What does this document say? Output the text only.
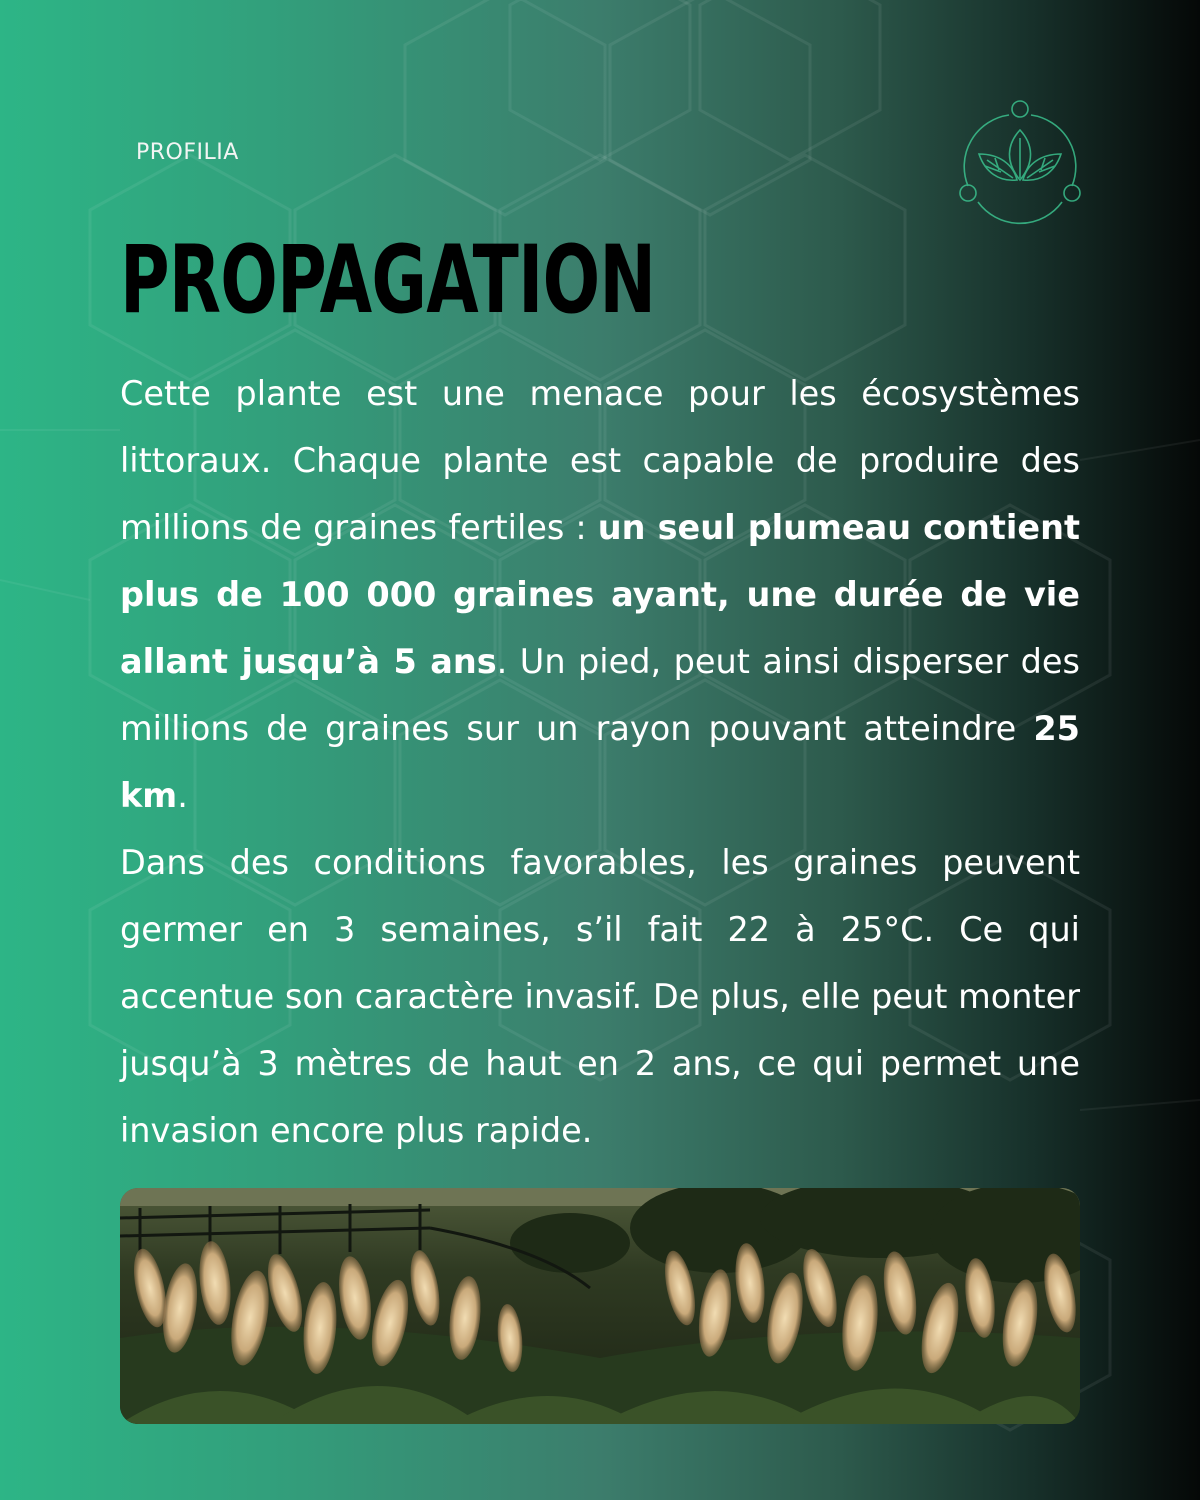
PROFILIA
PROPAGATION

Cette plante est une menace pour les écosystèmes littoraux. Chaque plante est capable de produire des millions de graines fertiles : un seul plumeau contient plus de 100 000 graines ayant, une durée de vie allant jusqu’à 5 ans. Un pied, peut ainsi disperser des millions de graines sur un rayon pouvant atteindre 25 km.

Dans des conditions favorables, les graines peuvent germer en 3 semaines, s’il fait 22 à 25°C. Ce qui accentue son caractère invasif. De plus, elle peut monter jusqu’à 3 mètres de haut en 2 ans, ce qui permet une invasion encore plus rapide.
